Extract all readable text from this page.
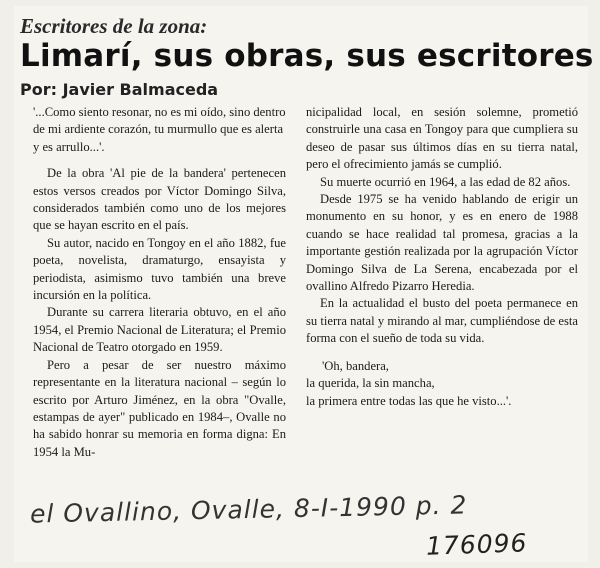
Escritores de la zona:
Limarí, sus obras, sus escritores
Por: Javier Balmaceda

'...Como siento resonar, no es mi oído, sino dentro de mi ardiente corazón, tu murmullo que es alerta y es arrullo...'.

De la obra 'Al pie de la bandera' pertenecen estos versos creados por Víctor Domingo Silva, considerados también como uno de los mejores que se hayan escrito en el país.

Su autor, nacido en Tongoy en el año 1882, fue poeta, novelista, dramaturgo, ensayista y periodista, asimismo tuvo también una breve incursión en la política.

Durante su carrera literaria obtuvo, en el año 1954, el Premio Nacional de Literatura; el Premio Nacional de Teatro otorgado en 1959.

Pero a pesar de ser nuestro máximo representante en la literatura nacional – según lo escrito por Arturo Jiménez, en la obra "Ovalle, estampas de ayer" publicado en 1984–, Ovalle no ha sabido honrar su memoria en forma digna: En 1954 la Mu-

nicipalidad local, en sesión solemne, prometió construirle una casa en Tongoy para que cumpliera su deseo de pasar sus últimos días en su tierra natal, pero el ofrecimiento jamás se cumplió.

Su muerte ocurrió en 1964, a las edad de 82 años.

Desde 1975 se ha venido hablando de erigir un monumento en su honor, y es en enero de 1988 cuando se hace realidad tal promesa, gracias a la importante gestión realizada por la agrupación Víctor Domingo Silva de La Serena, encabezada por el ovallino Alfredo Pizarro Heredia.

En la actualidad el busto del poeta permanece en su tierra natal y mirando al mar, cumpliéndose de esta forma con el sueño de toda su vida.

'Oh, bandera,
la querida, la sin mancha,
la primera entre todas las que he visto...'.
el Ovallino, Ovalle, 8-I-1990 p. 2
176096
